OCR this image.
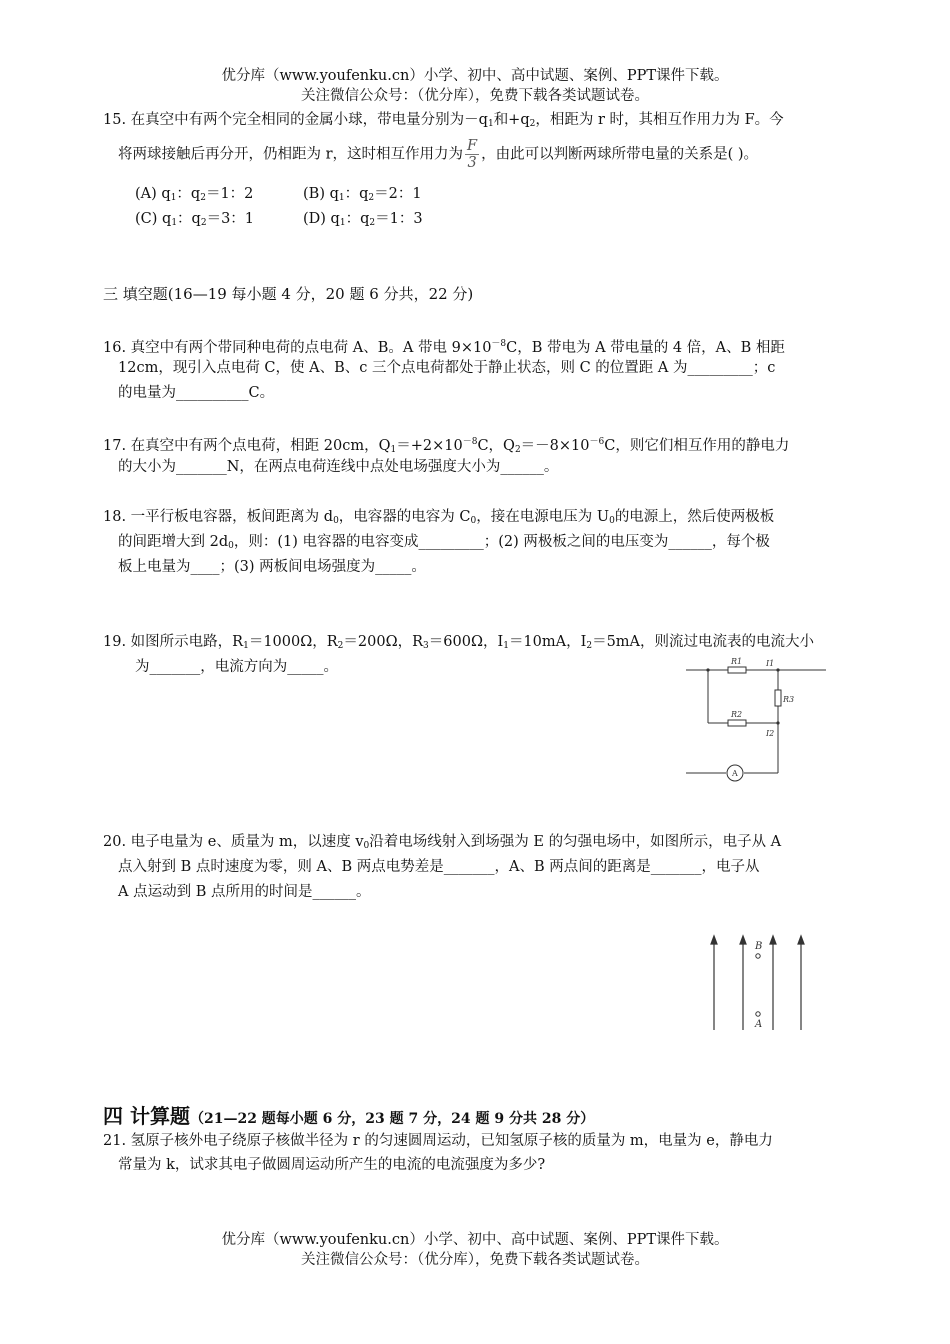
优分库（www.youfenku.cn）小学、初中、高中试题、案例、PPT课件下载。
关注微信公众号：（优分库），免费下载各类试题试卷。
15. 在真空中有两个完全相同的金属小球，带电量分别为$-q_1$和$+q_2$，相距为 r 时，其相互作用力为 F。今
将两球接触后再分开，仍相距为 r，这时相互作用力为 $\frac{F}{3}$ ，由此可以判断两球所带电量的关系是( )。
(A) $q_1$：$q_2=1$：2	(B) $q_1$：$q_2=2$：1
(C) $q_1$：$q_2=3$：1	(D) $q_1$：$q_2=1$：3
三 填空题(16—19 每小题 4 分，20 题 6 分共，22 分)
16. 真空中有两个带同种电荷的点电荷 A、B。A 带电 $9\times 10^{-8}C$，B 带电为 A 带电量的 4 倍，A、B 相距
12cm，现引入点电荷 C，使 A、B、c 三个点电荷都处于静止状态，则 C 的位置距 A 为_________；c
的电量为__________C。
17. 在真空中有两个点电荷，相距 20cm，$Q_1=+2\times 10^{-8}C$，$Q_2=-8\times 10^{-6}C$，则它们相互作用的静电力
的大小为_______N，在两点电荷连线中点处电场强度大小为______。
18. 一平行板电容器，板间距离为 $d_0$，电容器的电容为 $C_0$，接在电源电压为 $U_0$的电源上，然后使两极板
的间距增大到 $2d_0$，则：(1) 电容器的电容变成_________；(2) 两极板之间的电压变为______，每个极
板上电量为____；(3) 两板间电场强度为_____。
19. 如图所示电路，$R_1=1000\Omega$，$R_2=200\Omega$，$R_3=600\Omega$，$I_1=10mA$，$I_2=5mA$，则流过电流表的电流大小
为_______，电流方向为_____。	R1
R2
R3
I1
I2
A
20. 电子电量为 e、质量为 m，以速度 $v_0$沿着电场线射入到场强为 E 的匀强电场中，如图所示，电子从 A
点入射到 B 点时速度为零，则 A、B 两点电势差是_______，A、B 两点间的距离是_______，电子从
A 点运动到 B 点所用的时间是______。
B
A
四 计算题（21—22 题每小题 6 分，23 题 7 分，24 题 9 分共 28 分）
21. 氢原子核外电子绕原子核做半径为 r 的匀速圆周运动，已知氢原子核的质量为 m，电量为 e，静电力
常量为 k，试求其电子做圆周运动所产生的电流的电流强度为多少?
优分库（www.youfenku.cn）小学、初中、高中试题、案例、PPT课件下载。
关注微信公众号：（优分库），免费下载各类试题试卷。
